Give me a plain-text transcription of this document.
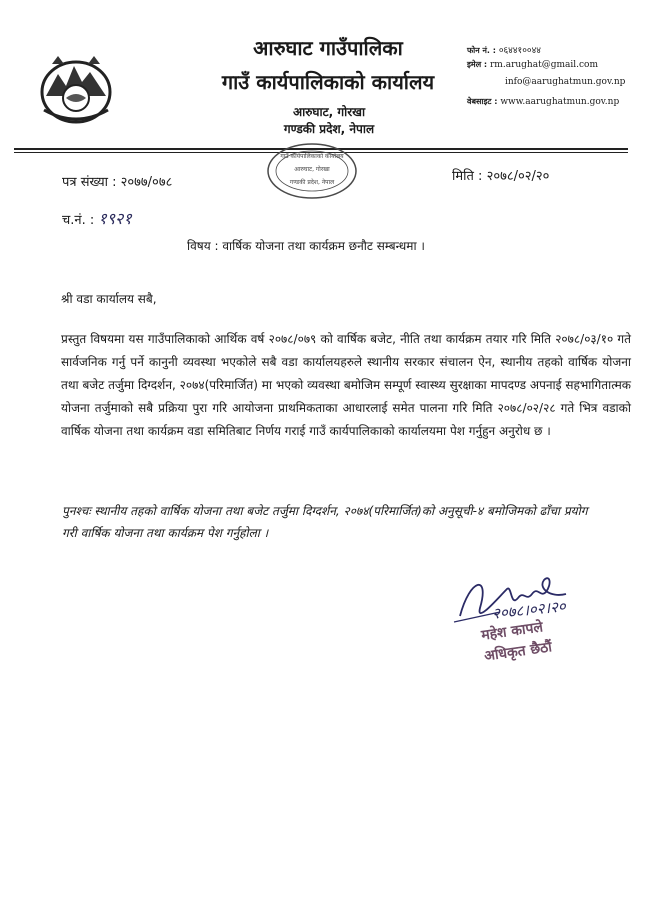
आरुघाट गाउँपालिका
गाउँ कार्यपालिकाको कार्यालय
आरुघाट, गोरखा
गण्डकी प्रदेश, नेपाल
फोन नं. : ०६४४१००४४
इमेल : rm.arughat@gmail.com
info@aarughatmun.gov.np
वेबसाइट : www.aarughatmun.gov.np
गाउँ कार्यपालिकाको कार्यालय
आरुघाट, गोरखा
गण्डकी प्रदेश, नेपाल
पत्र संख्या : २०७७/०७८	मिति : २०७८/०२/२०
च.नं. : १९२१
विषय : वार्षिक योजना तथा कार्यक्रम छनौट सम्बन्धमा ।
श्री वडा कार्यालय सबै,
प्रस्तुत विषयमा यस गाउँपालिकाको आर्थिक वर्ष २०७८/०७९ को वार्षिक बजेट, नीति तथा कार्यक्रम तयार गरि मिति २०७८/०३/१० गते सार्वजनिक गर्नु पर्ने कानुनी व्यवस्था भएकोले सबै वडा कार्यालयहरुले स्थानीय सरकार संचालन ऐन, स्थानीय तहको वार्षिक योजना तथा बजेट तर्जुमा दिग्दर्शन, २०७४(परिमार्जित) मा भएको व्यवस्था बमोजिम सम्पूर्ण स्वास्थ्य सुरक्षाका मापदण्ड अपनाई सहभागितात्मक योजना तर्जुमाको सबै प्रक्रिया पुरा गरि आयोजना प्राथमिकताका आधारलाई समेत पालना गरि मिति २०७८/०२/२८ गते भित्र वडाको वार्षिक योजना तथा कार्यक्रम वडा समितिबाट निर्णय गराई गाउँ कार्यपालिकाको कार्यालयमा पेश गर्नुहुन अनुरोध छ ।
पुनश्चः स्थानीय तहको वार्षिक योजना तथा बजेट तर्जुमा दिग्दर्शन, २०७४(परिमार्जित)को अनुसूची-४ बमोजिमको ढाँचा प्रयोग गरी वार्षिक योजना तथा कार्यक्रम पेश गर्नुहोला ।
२०७८।०२।२०
महेश कापले
अधिकृत छैठौं
